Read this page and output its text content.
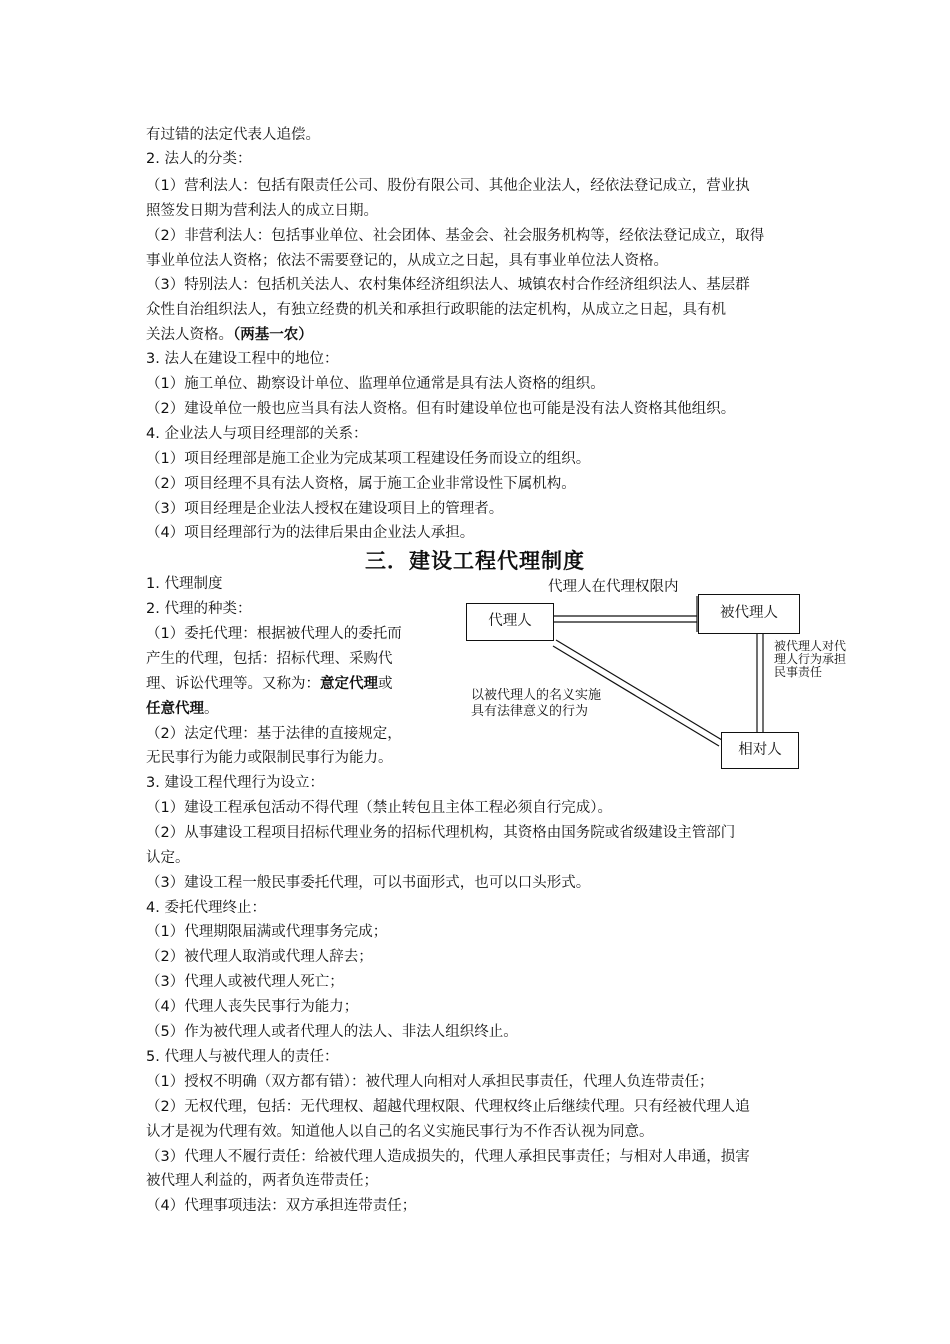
有过错的法定代表人追偿。
2. 法人的分类：
（1）营利法人：包括有限责任公司、股份有限公司、其他企业法人，经依法登记成立，营业执
照签发日期为营利法人的成立日期。
（2）非营利法人：包括事业单位、社会团体、基金会、社会服务机构等，经依法登记成立，取得
事业单位法人资格；依法不需要登记的，从成立之日起，具有事业单位法人资格。
（3）特别法人：包括机关法人、农村集体经济组织法人、城镇农村合作经济组织法人、基层群
众性自治组织法人，有独立经费的机关和承担行政职能的法定机构，从成立之日起，具有机
关法人资格。（两基一农）
3. 法人在建设工程中的地位：
（1）施工单位、勘察设计单位、监理单位通常是具有法人资格的组织。
（2）建设单位一般也应当具有法人资格。但有时建设单位也可能是没有法人资格其他组织。
4. 企业法人与项目经理部的关系：
（1）项目经理部是施工企业为完成某项工程建设任务而设立的组织。
（2）项目经理不具有法人资格，属于施工企业非常设性下属机构。
（3）项目经理是企业法人授权在建设项目上的管理者。
（4）项目经理部行为的法律后果由企业法人承担。
三．建设工程代理制度
1. 代理制度
2. 代理的种类：
（1）委托代理：根据被代理人的委托而
产生的代理，包括：招标代理、采购代
理、诉讼代理等。又称为：意定代理或
任意代理。
（2）法定代理：基于法律的直接规定，
无民事行为能力或限制民事行为能力。
代理人在代理权限内
代理人	被代理人
相对人
被代理人对代
理人行为承担
民事责任
以被代理人的名义实施
具有法律意义的行为
3. 建设工程代理行为设立：
（1）建设工程承包活动不得代理（禁止转包且主体工程必须自行完成）。
（2）从事建设工程项目招标代理业务的招标代理机构，其资格由国务院或省级建设主管部门
认定。
（3）建设工程一般民事委托代理，可以书面形式，也可以口头形式。
4. 委托代理终止：
（1）代理期限届满或代理事务完成；
（2）被代理人取消或代理人辞去；
（3）代理人或被代理人死亡；
（4）代理人丧失民事行为能力；
（5）作为被代理人或者代理人的法人、非法人组织终止。
5. 代理人与被代理人的责任：
（1）授权不明确（双方都有错）：被代理人向相对人承担民事责任，代理人负连带责任；
（2）无权代理，包括：无代理权、超越代理权限、代理权终止后继续代理。只有经被代理人追
认才是视为代理有效。知道他人以自己的名义实施民事行为不作否认视为同意。
（3）代理人不履行责任：给被代理人造成损失的，代理人承担民事责任；与相对人串通，损害
被代理人利益的，两者负连带责任；
（4）代理事项违法：双方承担连带责任；
